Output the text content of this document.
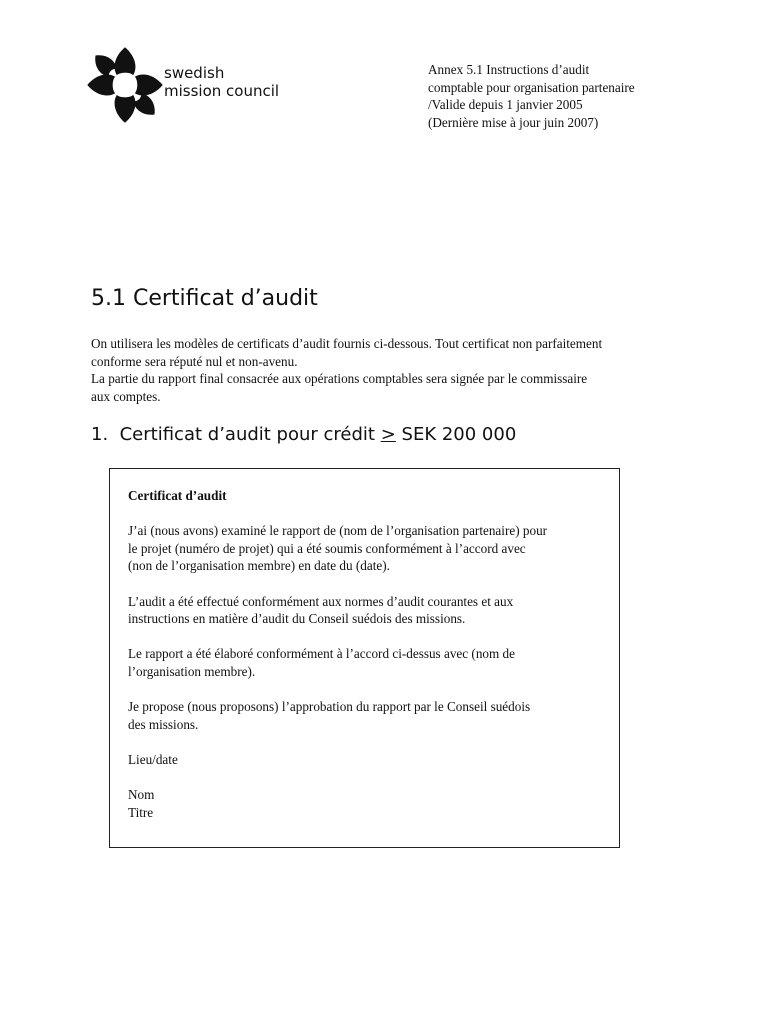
swedish
mission council
Annex 5.1 Instructions d’audit
comptable pour organisation partenaire
/Valide depuis 1 janvier 2005
(Dernière mise à jour juin 2007)
5.1 Certificat d’audit
On utilisera les modèles de certificats d’audit fournis ci-dessous. Tout certificat non parfaitement
conforme sera réputé nul et non-avenu.
La partie du rapport final consacrée aux opérations comptables sera signée par le commissaire
aux comptes.
1.  Certificat d’audit pour crédit > SEK 200 000
Certificat d’audit
J’ai (nous avons) examiné le rapport de (nom de l’organisation partenaire) pour
le projet (numéro de projet) qui a été soumis conformément à l’accord avec
(non de l’organisation membre) en date du (date).
L’audit a été effectué conformément aux normes d’audit courantes et aux
instructions en matière d’audit du Conseil suédois des missions.
Le rapport a été élaboré conformément à l’accord ci-dessus avec (nom de
l’organisation membre).
Je propose (nous proposons) l’approbation du rapport par le Conseil suédois
des missions.
Lieu/date
Nom
Titre
